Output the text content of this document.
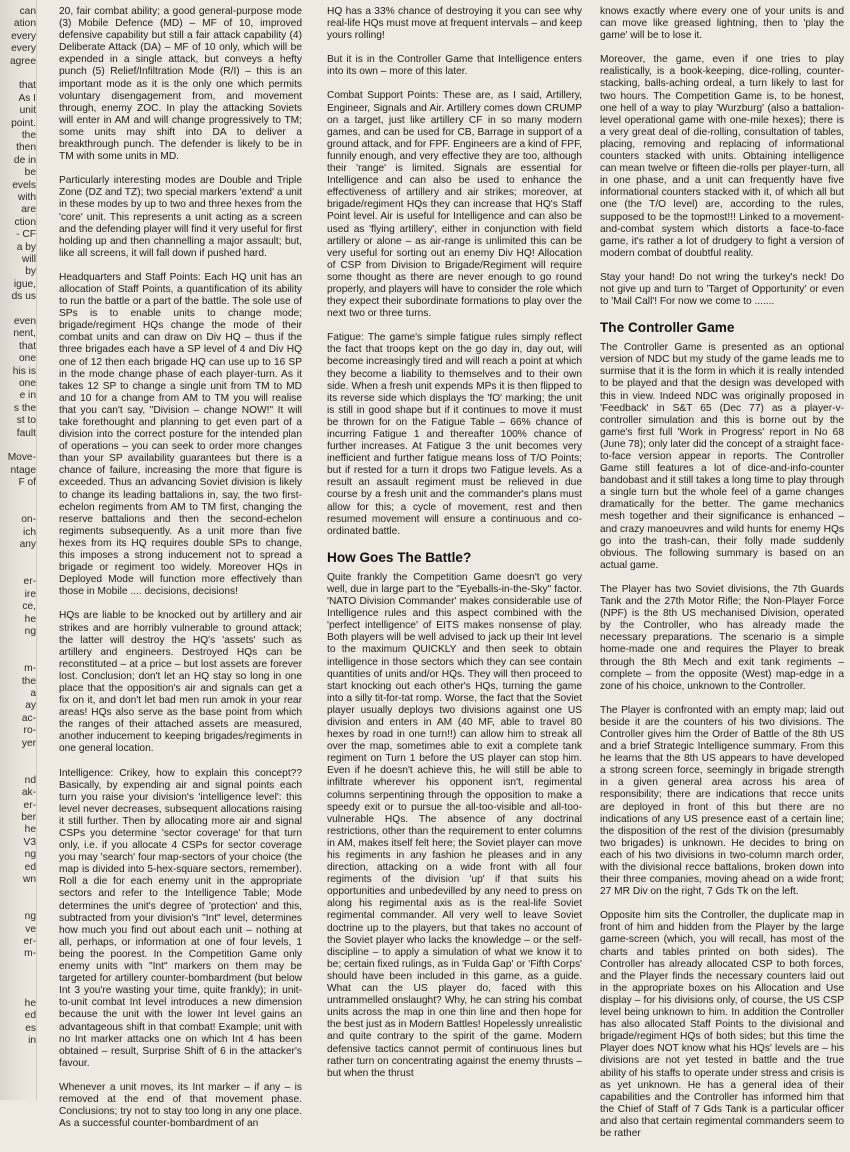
can
ation
every
every
agree
that
As I
unit
point.
the
then
de in
be
evels
with
are
ction
- CF
a by
will
by
igue,
ds us
even
nent,
that
one
his is
one
e in
s the
st to
fault
Move-
ntage
F of
on-
ich
any
er-
ire
ce,
he
ng
m-
the
a
ay
ac-
ro-
yer
nd
ak-
er-
ber
he
V3
ng
ed
wn
ng
ve
er-
m-
he
ed
es
in

20, fair combat ability; a good general-purpose mode (3) Mobile Defence (MD) – MF of 10, improved defensive capability but still a fair attack capability (4) Deliberate Attack (DA) – MF of 10 only, which will be expended in a single attack, but conveys a hefty punch (5) Relief/Infiltration Mode (R/I) – this is an important mode as it is the only one which permits voluntary disengagement from, and movement through, enemy ZOC. In play the attacking Soviets will enter in AM and will change progressively to TM; some units may shift into DA to deliver a breakthrough punch. The defender is likely to be in TM with some units in MD.

Particularly interesting modes are Double and Triple Zone (DZ and TZ); two special markers 'extend' a unit in these modes by up to two and three hexes from the 'core' unit. This represents a unit acting as a screen and the defending player will find it very useful for first holding up and then channelling a major assault; but, like all screens, it will fall down if pushed hard.

Headquarters and Staff Points: Each HQ unit has an allocation of Staff Points, a quantification of its ability to run the battle or a part of the battle. The sole use of SPs is to enable units to change mode; brigade/regiment HQs change the mode of their combat units and can draw on Div HQ – thus if the three brigades each have a SP level of 4 and Div HQ one of 12 then each brigade HQ can use up to 16 SP in the mode change phase of each player-turn. As it takes 12 SP to change a single unit from TM to MD and 10 for a change from AM to TM you will realise that you can't say, "Division – change NOW!" It will take forethought and planning to get even part of a division into the correct posture for the intended plan of operations – you can seek to order more changes than your SP availability guarantees but there is a chance of failure, increasing the more that figure is exceeded. Thus an advancing Soviet division is likely to change its leading battalions in, say, the two first-echelon regiments from AM to TM first, changing the reserve battalions and then the second-echelon regiments subsequently. As a unit more than five hexes from its HQ requires double SPs to change, this imposes a strong inducement not to spread a brigade or regiment too widely. Moreover HQs in Deployed Mode will function more effectively than those in Mobile .... decisions, decisions!

HQs are liable to be knocked out by artillery and air strikes and are horribly vulnerable to ground attack; the latter will destroy the HQ's 'assets' such as artillery and engineers. Destroyed HQs can be reconstituted – at a price – but lost assets are forever lost. Conclusion; don't let an HQ stay so long in one place that the opposition's air and signals can get a fix on it, and don't let bad men run amok in your rear areas! HQs also serve as the base point from which the ranges of their attached assets are measured, another inducement to keeping brigades/regiments in one general location.

Intelligence: Crikey, how to explain this concept?? Basically, by expending air and signal points each turn you raise your division's 'intelligence level': this level never decreases, subsequent allocations raising it still further. Then by allocating more air and signal CSPs you determine 'sector coverage' for that turn only, i.e. if you allocate 4 CSPs for sector coverage you may 'search' four map-sectors of your choice (the map is divided into 5-hex-square sectors, remember). Roll a die for each enemy unit in the appropriate sectors and refer to the Intelligence Table; Mode determines the unit's degree of 'protection' and this, subtracted from your division's "Int" level, determines how much you find out about each unit – nothing at all, perhaps, or information at one of four levels, 1 being the poorest. In the Competition Game only enemy units with "Int" markers on them may be targeted for artillery counter-bombardment (but below Int 3 you're wasting your time, quite frankly); in unit-to-unit combat Int level introduces a new dimension because the unit with the lower Int level gains an advantageous shift in that combat! Example; unit with no Int marker attacks one on which Int 4 has been obtained – result, Surprise Shift of 6 in the attacker's favour.

Whenever a unit moves, its Int marker – if any – is removed at the end of that movement phase. Conclusions; try not to stay too long in any one place. As a successful counter-bombardment of an

HQ has a 33% chance of destroying it you can see why real-life HQs must move at frequent intervals – and keep yours rolling!

But it is in the Controller Game that Intelligence enters into its own – more of this later.

Combat Support Points: These are, as I said, Artillery, Engineer, Signals and Air. Artillery comes down CRUMP on a target, just like artillery CF in so many modern games, and can be used for CB, Barrage in support of a ground attack, and for FPF. Engineers are a kind of FPF, funnily enough, and very effective they are too, although their 'range' is limited. Signals are essential for Intelligence and can also be used to enhance the effectiveness of artillery and air strikes; moreover, at brigade/regiment HQs they can increase that HQ's Staff Point level. Air is useful for Intelligence and can also be used as 'flying artillery', either in conjunction with field artillery or alone – as air-range is unlimited this can be very useful for sorting out an enemy Div HQ! Allocation of CSP from Division to Brigade/Regiment will require some thought as there are never enough to go round properly, and players will have to consider the role which they expect their subordinate formations to play over the next two or three turns.

Fatigue: The game's simple fatigue rules simply reflect the fact that troops kept on the go day in, day out, will become increasingly tired and will reach a point at which they become a liability to themselves and to their own side. When a fresh unit expends MPs it is then flipped to its reverse side which displays the 'fO' marking; the unit is still in good shape but if it continues to move it must be thrown for on the Fatigue Table – 66% chance of incurring Fatigue 1 and thereafter 100% chance of further increases. At Fatigue 3 the unit becomes very inefficient and further fatigue means loss of T/O Points; but if rested for a turn it drops two Fatigue levels. As a result an assault regiment must be relieved in due course by a fresh unit and the commander's plans must allow for this; a cycle of movement, rest and then resumed movement will ensure a continuous and co-ordinated battle.

How Goes The Battle?

Quite frankly the Competition Game doesn't go very well, due in large part to the "Eyeballs-in-the-Sky" factor. 'NATO Division Commander' makes considerable use of Intelligence rules and this aspect combined with the 'perfect intelligence' of EITS makes nonsense of play. Both players will be well advised to jack up their Int level to the maximum QUICKLY and then seek to obtain intelligence in those sectors which they can see contain quantities of units and/or HQs. They will then proceed to start knocking out each other's HQs, turning the game into a silly tit-for-tat romp. Worse, the fact that the Soviet player usually deploys two divisions against one US division and enters in AM (40 MF, able to travel 80 hexes by road in one turn!!) can allow him to streak all over the map, sometimes able to exit a complete tank regiment on Turn 1 before the US player can stop him. Even if he doesn't achieve this, he will still be able to infiltrate wherever his opponent isn't, regimental columns serpentining through the opposition to make a speedy exit or to pursue the all-too-visible and all-too-vulnerable HQs. The absence of any doctrinal restrictions, other than the requirement to enter columns in AM, makes itself felt here; the Soviet player can move his regiments in any fashion he pleases and in any direction, attacking on a wide front with all four regiments of the division 'up' if that suits his opportunities and unbedevilled by any need to press on along his regimental axis as is the real-life Soviet regimental commander. All very well to leave Soviet doctrine up to the players, but that takes no account of the Soviet player who lacks the knowledge – or the self-discipline – to apply a simulation of what we know it to be; certain fixed rulings, as in 'Fulda Gap' or 'Fifth Corps' should have been included in this game, as a guide. What can the US player do, faced with this untrammelled onslaught? Why, he can string his combat units across the map in one thin line and then hope for the best just as in Modern Battles! Hopelessly unrealistic and quite contrary to the spirit of the game. Modern defensive tactics cannot permit of continuous lines but rather turn on concentrating against the enemy thrusts – but when the thrust

knows exactly where every one of your units is and can move like greased lightning, then to 'play the game' will be to lose it.

Moreover, the game, even if one tries to play realistically, is a book-keeping, dice-rolling, counter-stacking, balls-aching ordeal, a turn likely to last for two hours. The Competition Game is, to be honest, one hell of a way to play 'Wurzburg' (also a battalion-level operational game with one-mile hexes); there is a very great deal of die-rolling, consultation of tables, placing, removing and replacing of informational counters stacked with units. Obtaining intelligence can mean twelve or fifteen die-rolls per player-turn, all in one phase, and a unit can frequently have five informational counters stacked with it, of which all but one (the T/O level) are, according to the rules, supposed to be the topmost!!! Linked to a movement-and-combat system which distorts a face-to-face game, it's rather a lot of drudgery to fight a version of modern combat of doubtful reality.

Stay your hand! Do not wring the turkey's neck! Do not give up and turn to 'Target of Opportunity' or even to 'Mail Call'! For now we come to .......

The Controller Game

The Controller Game is presented as an optional version of NDC but my study of the game leads me to surmise that it is the form in which it is really intended to be played and that the design was developed with this in view. Indeed NDC was originally proposed in 'Feedback' in S&T 65 (Dec 77) as a player-v-controller simulation and this is borne out by the game's first full 'Work in Progress' report in No 68 (June 78); only later did the concept of a straight face-to-face version appear in reports. The Controller Game still features a lot of dice-and-info-counter bandobast and it still takes a long time to play through a single turn but the whole feel of a game changes dramatically for the better. The game mechanics mesh together and their significance is enhanced – and crazy manoeuvres and wild hunts for enemy HQs go into the trash-can, their folly made suddenly obvious. The following summary is based on an actual game.

The Player has two Soviet divisions, the 7th Guards Tank and the 27th Motor Rifle; the Non-Player Force (NPF) is the 8th US mechanised Division, operated by the Controller, who has already made the necessary preparations. The scenario is a simple home-made one and requires the Player to break through the 8th Mech and exit tank regiments – complete – from the opposite (West) map-edge in a zone of his choice, unknown to the Controller.

The Player is confronted with an empty map; laid out beside it are the counters of his two divisions. The Controller gives him the Order of Battle of the 8th US and a brief Strategic Intelligence summary. From this he learns that the 8th US appears to have developed a strong screen force, seemingly in brigade strength in a given general area across his area of responsibility; there are indications that recce units are deployed in front of this but there are no indications of any US presence east of a certain line; the disposition of the rest of the division (presumably two brigades) is unknown. He decides to bring on each of his two divisions in two-column march order, with the divisional recce battalions, broken down into their three companies, moving ahead on a wide front; 27 MR Div on the right, 7 Gds Tk on the left.

Opposite him sits the Controller, the duplicate map in front of him and hidden from the Player by the large game-screen (which, you will recall, has most of the charts and tables printed on both sides). The Controller has already allocated CSP to both forces, and the Player finds the necessary counters laid out in the appropriate boxes on his Allocation and Use display – for his divisions only, of course, the US CSP level being unknown to him. In addition the Controller has also allocated Staff Points to the divisional and brigade/regiment HQs of both sides; but this time the Player does NOT know what his HQs' levels are – his divisions are not yet tested in battle and the true ability of his staffs to operate under stress and crisis is as yet unknown. He has a general idea of their capabilities and the Controller has informed him that the Chief of Staff of 7 Gds Tank is a particular officer and also that certain regimental commanders seem to be rather
